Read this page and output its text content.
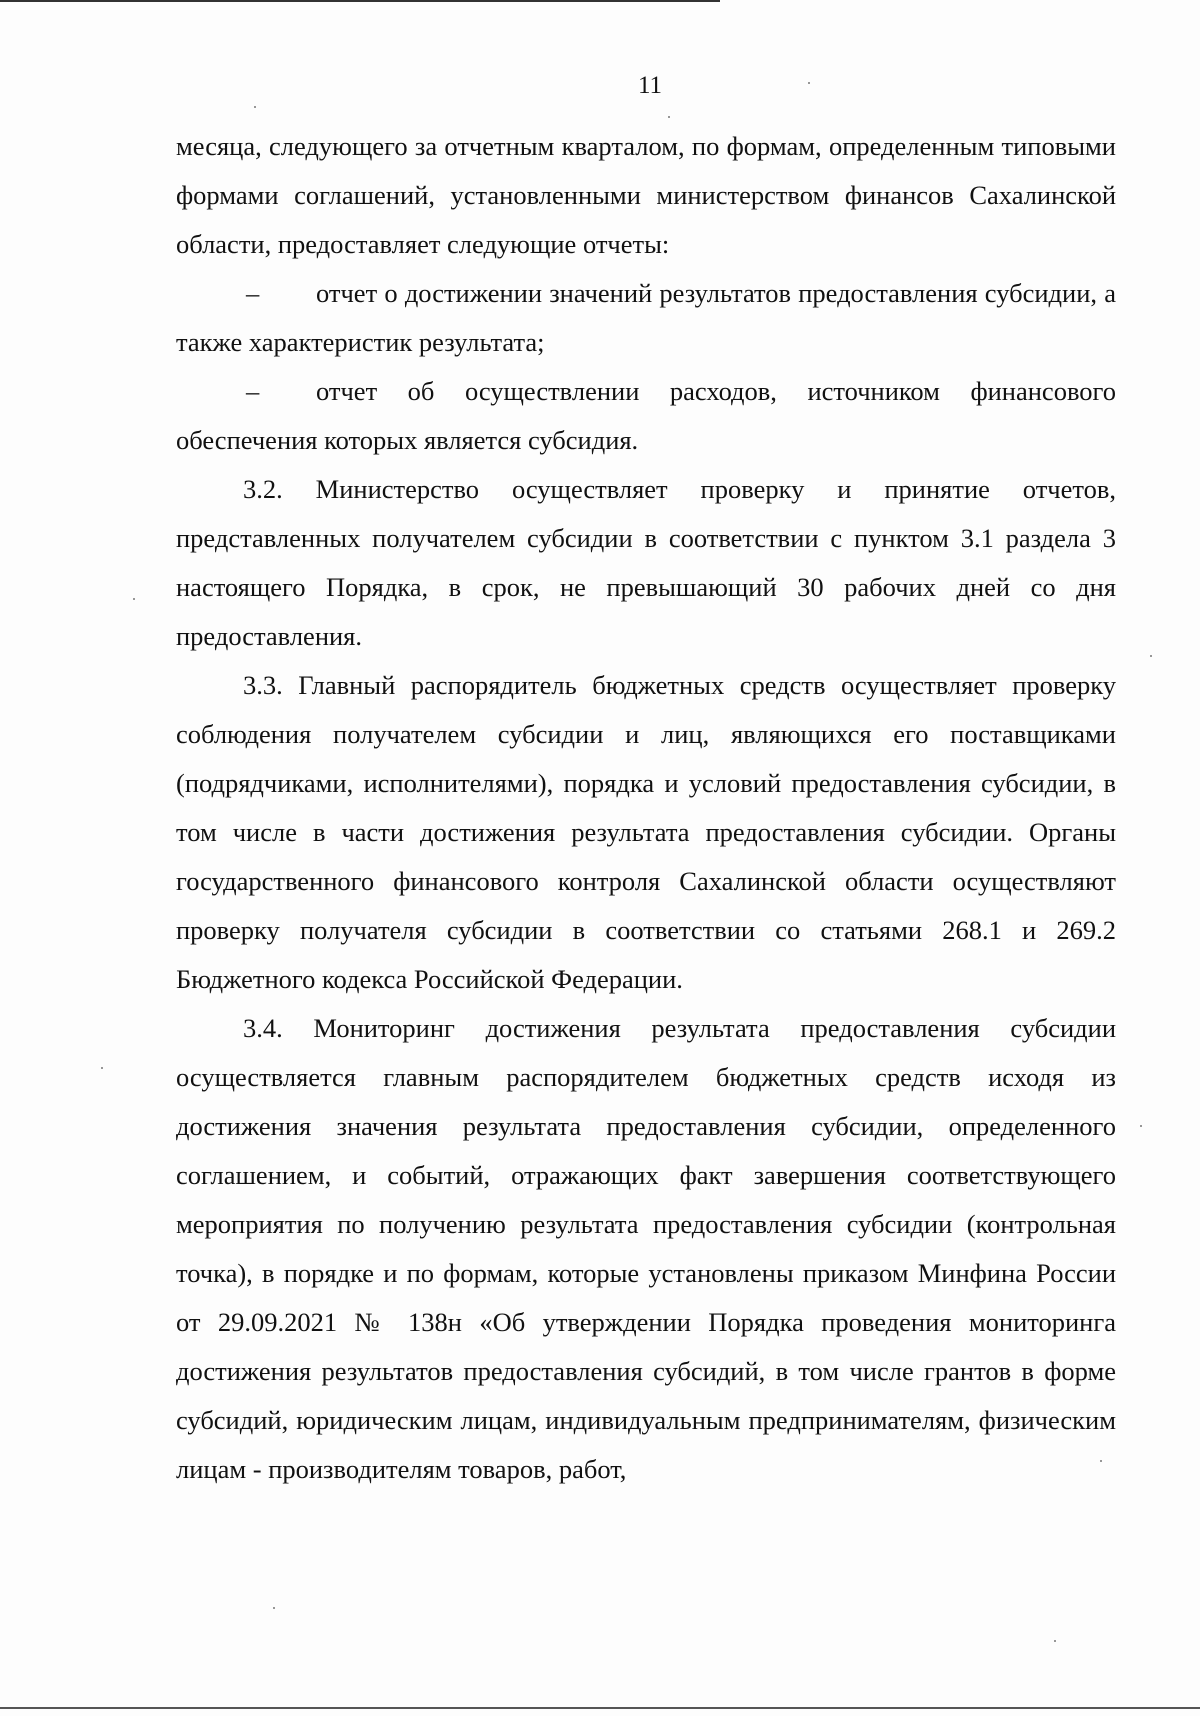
11

месяца, следующего за отчетным кварталом, по формам, определенным типовыми формами соглашений, установленными министерством финансов Сахалинской области, предоставляет следующие отчеты:

– отчет о достижении значений результатов предоставления субсидии, а также характеристик результата;

– отчет об осуществлении расходов, источником финансового обеспечения которых является субсидия.

3.2. Министерство осуществляет проверку и принятие отчетов, представленных получателем субсидии в соответствии с пунктом 3.1 раздела 3 настоящего Порядка, в срок, не превышающий 30 рабочих дней со дня предоставления.

3.3. Главный распорядитель бюджетных средств осуществляет проверку соблюдения получателем субсидии и лиц, являющихся его поставщиками (подрядчиками, исполнителями), порядка и условий предоставления субсидии, в том числе в части достижения результата предоставления субсидии. Органы государственного финансового контроля Сахалинской области осуществляют проверку получателя субсидии в соответствии со статьями 268.1 и 269.2 Бюджетного кодекса Российской Федерации.

3.4. Мониторинг достижения результата предоставления субсидии осуществляется главным распорядителем бюджетных средств исходя из достижения значения результата предоставления субсидии, определенного соглашением, и событий, отражающих факт завершения соответствующего мероприятия по получению результата предоставления субсидии (контрольная точка), в порядке и по формам, которые установлены приказом Минфина России от 29.09.2021 № 138н «Об утверждении Порядка проведения мониторинга достижения результатов предоставления субсидий, в том числе грантов в форме субсидий, юридическим лицам, индивидуальным предпринимателям, физическим лицам - производителям товаров, работ,
